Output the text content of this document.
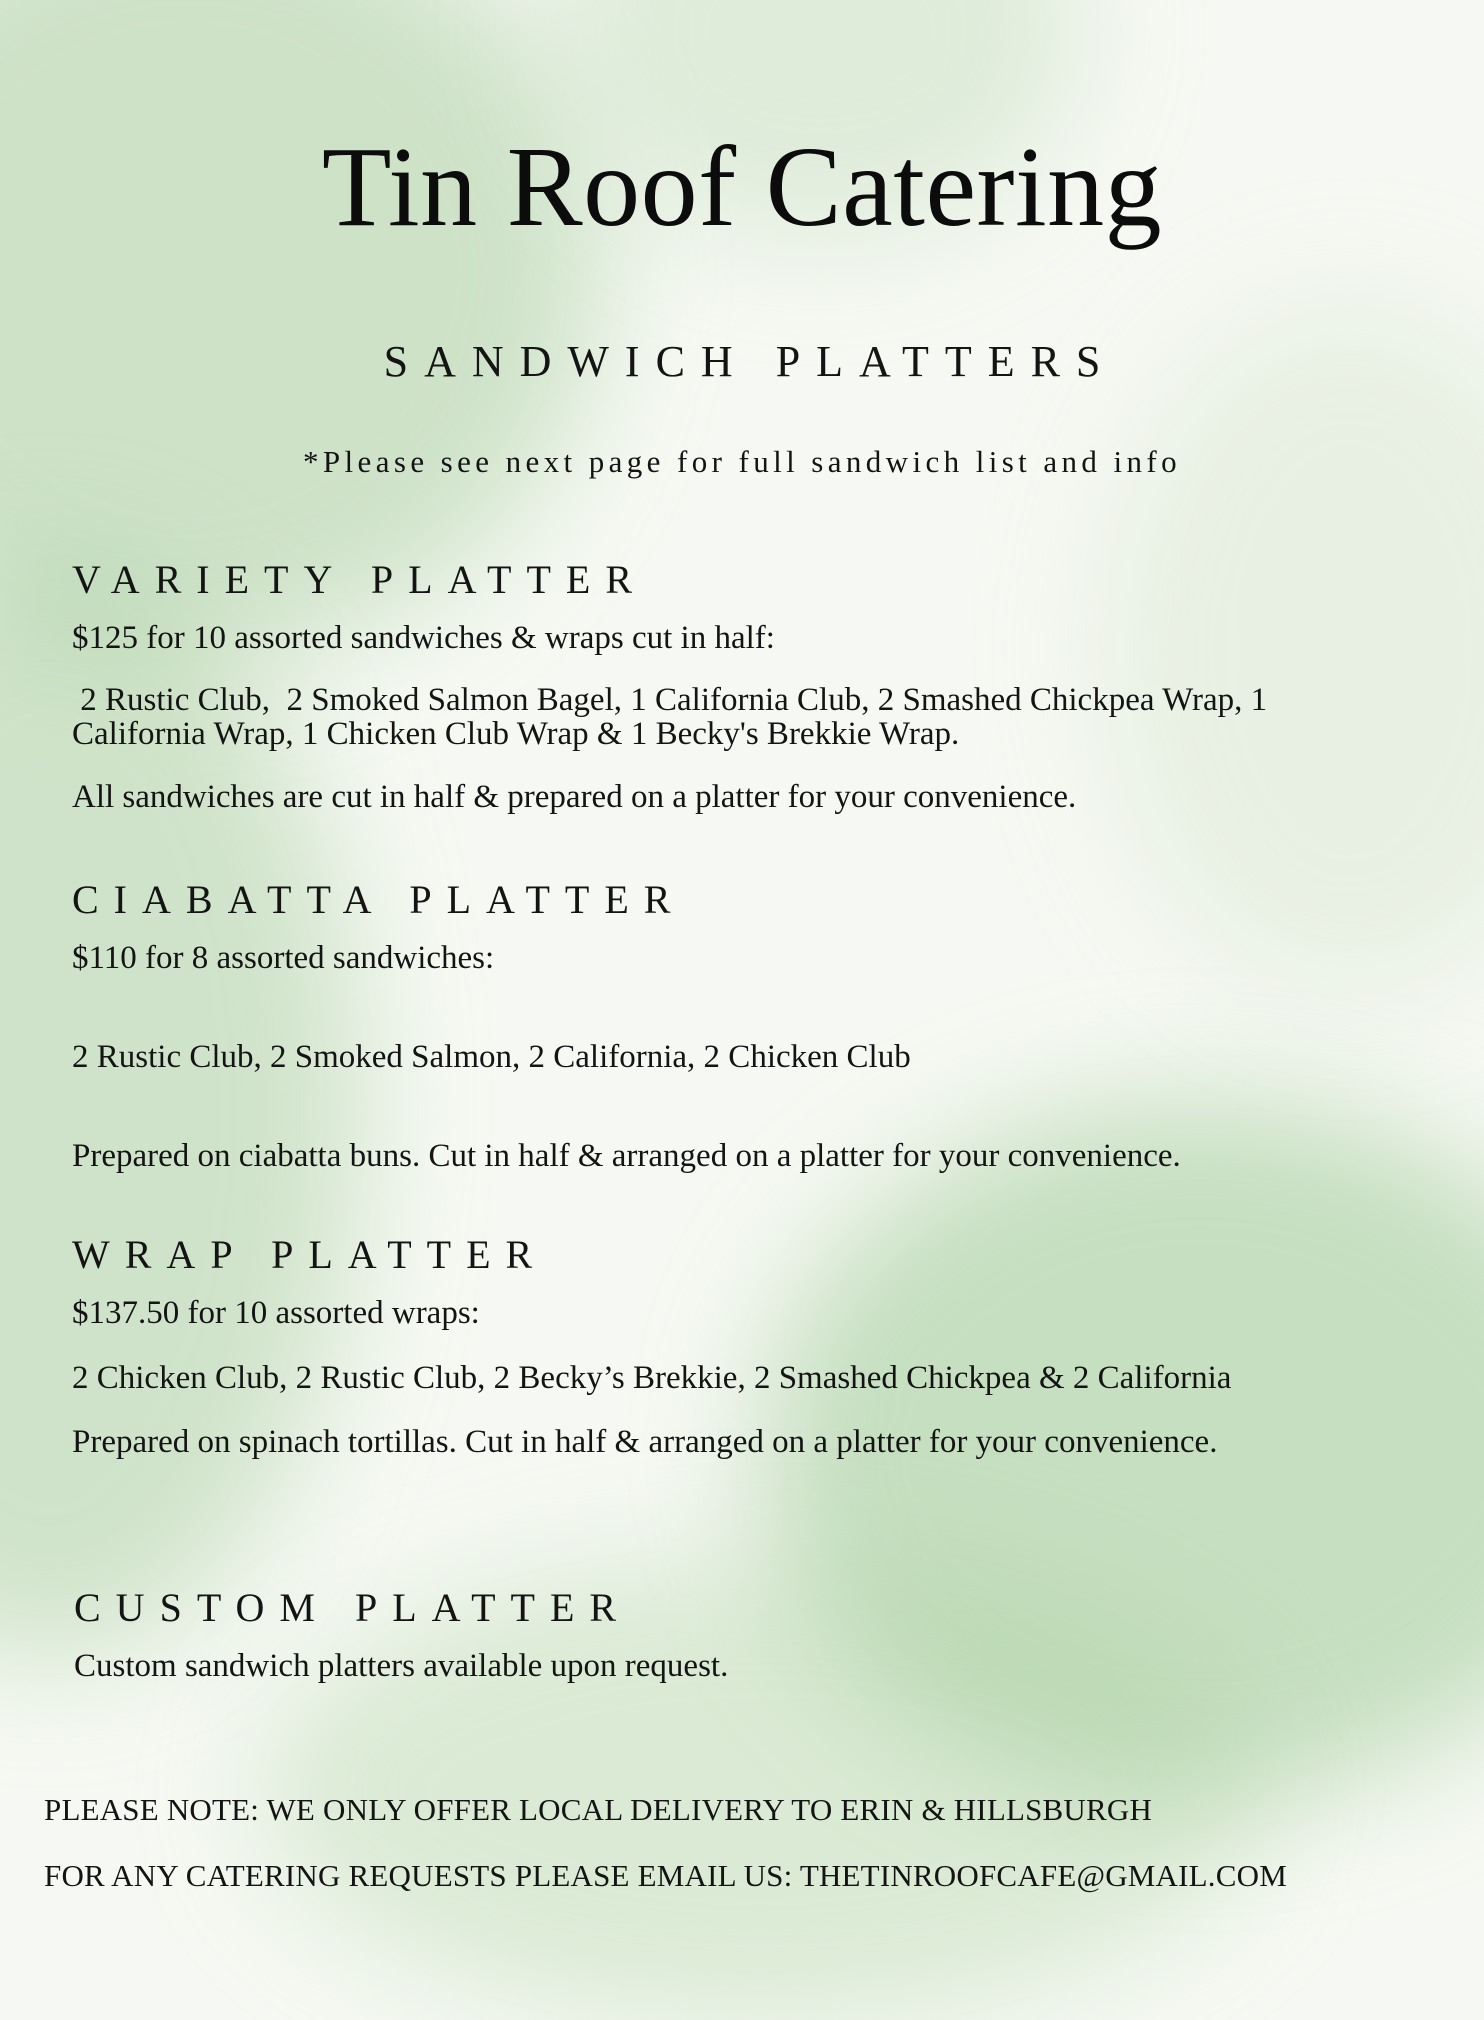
Tin Roof Catering
SANDWICH PLATTERS
*Please see next page for full sandwich list and info
VARIETY PLATTER

$125 for 10 assorted sandwiches & wraps cut in half:

2 Rustic Club,  2 Smoked Salmon Bagel, 1 California Club, 2 Smashed Chickpea Wrap, 1 California Wrap, 1 Chicken Club Wrap & 1 Becky's Brekkie Wrap.

All sandwiches are cut in half & prepared on a platter for your convenience.

CIABATTA PLATTER

$110 for 8 assorted sandwiches:

2 Rustic Club, 2 Smoked Salmon, 2 California, 2 Chicken Club

Prepared on ciabatta buns. Cut in half & arranged on a platter for your convenience.

WRAP PLATTER

$137.50 for 10 assorted wraps:

2 Chicken Club, 2 Rustic Club, 2 Becky’s Brekkie, 2 Smashed Chickpea & 2 California

Prepared on spinach tortillas. Cut in half & arranged on a platter for your convenience.

CUSTOM PLATTER

Custom sandwich platters available upon request.

PLEASE NOTE: WE ONLY OFFER LOCAL DELIVERY TO ERIN & HILLSBURGH
FOR ANY CATERING REQUESTS PLEASE EMAIL US: THETINROOFCAFE@GMAIL.COM
